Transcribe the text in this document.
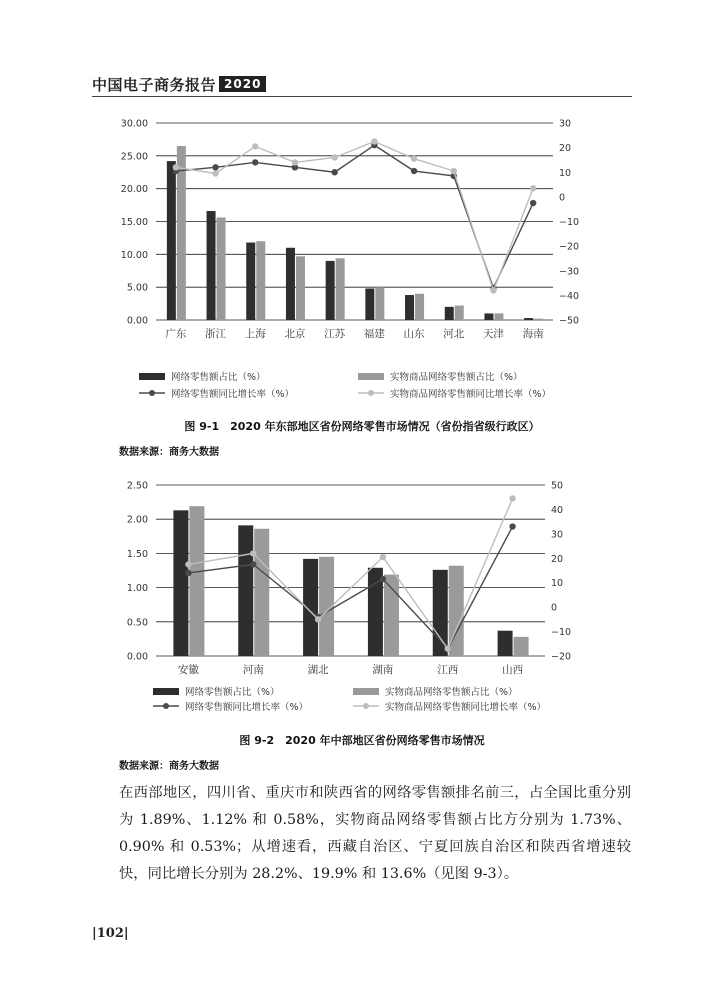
中国电子商务报告 2020
30.00
25.00
20.00
15.00
10.00
5.00
0.00
30
20
10
0
−10
−20
−30
−40
−50
广东 浙江 上海 北京 江苏 福建 山东 河北 天津 海南
网络零售额占比（%）	实物商品网络零售额占比（%）
网络零售额同比增长率（%）	实物商品网络零售额同比增长率（%）
图 9-1　2020 年东部地区省份网络零售市场情况（省份指省级行政区）
数据来源：商务大数据
2.50
2.00
1.50
1.00
0.50
0.00
50
40
30
20
10
0
−10
−20
安徽	河南	湖北	湖南	江西	山西
网络零售额占比（%）	实物商品网络零售额占比（%）
网络零售额同比增长率（%）	实物商品网络零售额同比增长率（%）
图 9-2　2020 年中部地区省份网络零售市场情况
数据来源：商务大数据
在西部地区，四川省、重庆市和陕西省的网络零售额排名前三，占全国比重分别为 1.89%、1.12% 和 0.58%，实物商品网络零售额占比方分别为 1.73%、0.90% 和 0.53%；从增速看，西藏自治区、宁夏回族自治区和陕西省增速较快，同比增长分别为 28.2%、19.9% 和 13.6%（见图 9-3）。
|102|
